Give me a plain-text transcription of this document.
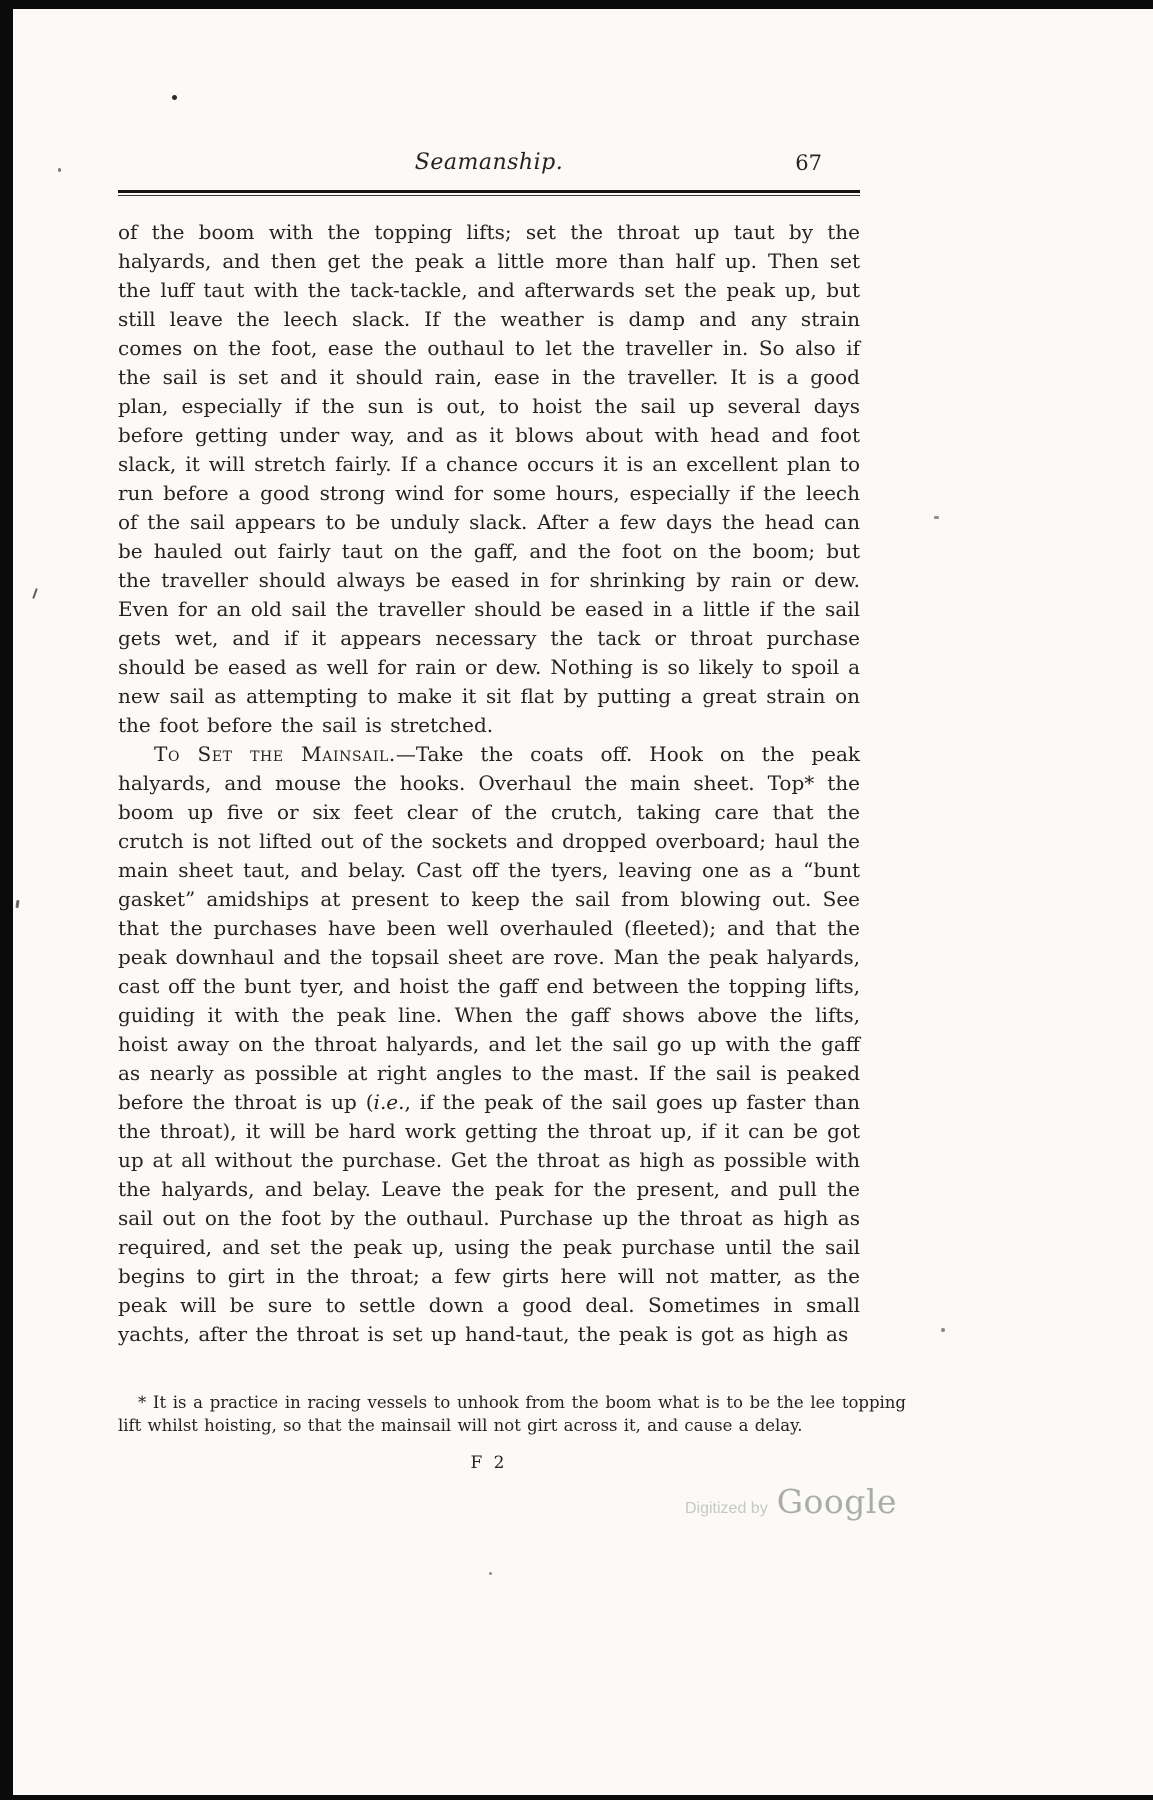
Seamanship.	67

of the boom with the topping lifts; set the throat up taut by the halyards, and then get the peak a little more than half up. Then set the luff taut with the tack-tackle, and afterwards set the peak up, but still leave the leech slack. If the weather is damp and any strain comes on the foot, ease the outhaul to let the traveller in. So also if the sail is set and it should rain, ease in the traveller. It is a good plan, especially if the sun is out, to hoist the sail up several days before getting under way, and as it blows about with head and foot slack, it will stretch fairly. If a chance occurs it is an excellent plan to run before a good strong wind for some hours, especially if the leech of the sail appears to be unduly slack. After a few days the head can be hauled out fairly taut on the gaff, and the foot on the boom; but the traveller should always be eased in for shrinking by rain or dew. Even for an old sail the traveller should be eased in a little if the sail gets wet, and if it appears necessary the tack or throat purchase should be eased as well for rain or dew. Nothing is so likely to spoil a new sail as attempting to make it sit flat by putting a great strain on the foot before the sail is stretched.

To Set the Mainsail.—Take the coats off. Hook on the peak halyards, and mouse the hooks. Overhaul the main sheet. Top* the boom up five or six feet clear of the crutch, taking care that the crutch is not lifted out of the sockets and dropped overboard; haul the main sheet taut, and belay. Cast off the tyers, leaving one as a “bunt gasket” amidships at present to keep the sail from blowing out. See that the purchases have been well overhauled (fleeted); and that the peak downhaul and the topsail sheet are rove. Man the peak halyards, cast off the bunt tyer, and hoist the gaff end between the topping lifts, guiding it with the peak line. When the gaff shows above the lifts, hoist away on the throat halyards, and let the sail go up with the gaff as nearly as possible at right angles to the mast. If the sail is peaked before the throat is up (i.e., if the peak of the sail goes up faster than the throat), it will be hard work getting the throat up, if it can be got up at all without the purchase. Get the throat as high as possible with the halyards, and belay. Leave the peak for the present, and pull the sail out on the foot by the outhaul. Purchase up the throat as high as required, and set the peak up, using the peak purchase until the sail begins to girt in the throat; a few girts here will not matter, as the peak will be sure to settle down a good deal. Sometimes in small yachts, after the throat is set up hand-taut, the peak is got as high as

* It is a practice in racing vessels to unhook from the boom what is to be the lee topping lift whilst hoisting, so that the mainsail will not girt across it, and cause a delay.
F 2
Digitized by Google
